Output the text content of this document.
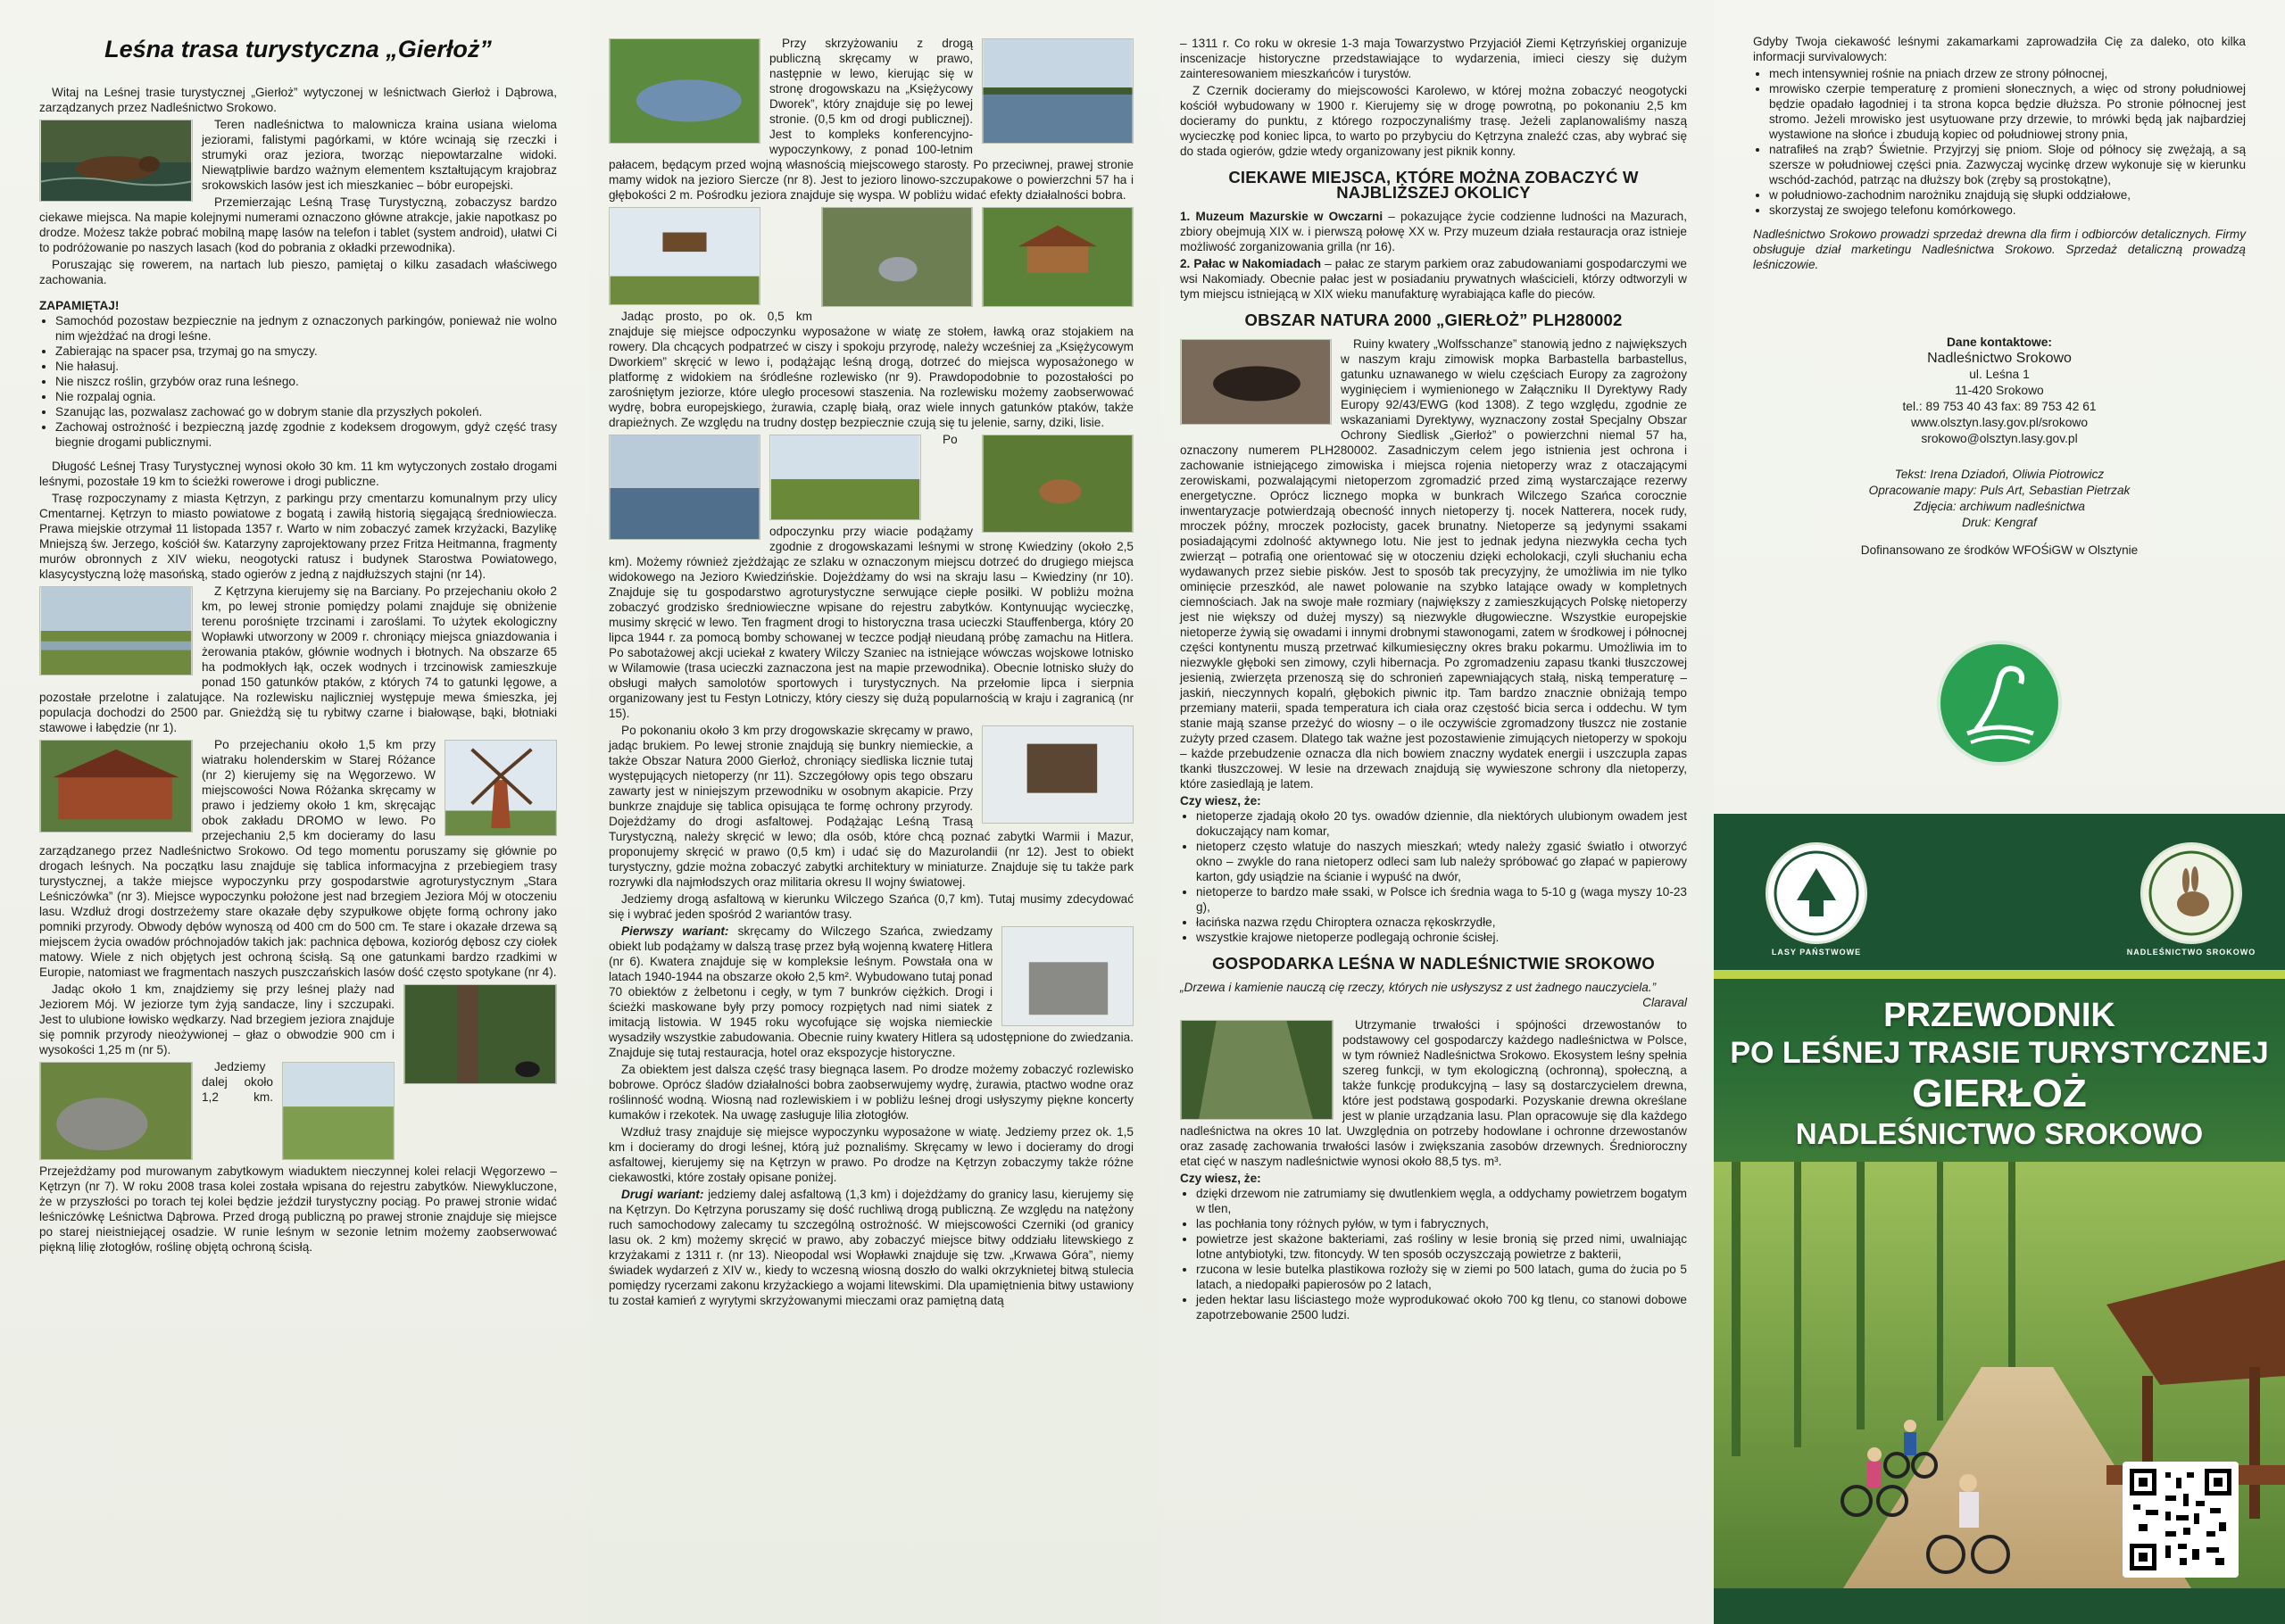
Leśna trasa turystyczna „Gierłoż”

Witaj na Leśnej trasie turystycznej „Gierłoż” wytyczonej w leśnictwach Gierłoż i Dąbrowa, zarządzanych przez Nadleśnictwo Srokowo.

Teren nadleśnictwa to malownicza kraina usiana wieloma jeziorami, falistymi pagórkami, w które wcinają się rzeczki i strumyki oraz jeziora, tworząc niepowtarzalne widoki. Niewątpliwie bardzo ważnym elementem kształtującym krajobraz srokowskich lasów jest ich mieszkaniec – bóbr europejski.

Przemierzając Leśną Trasę Turystyczną, zobaczysz bardzo ciekawe miejsca. Na mapie kolejnymi numerami oznaczono główne atrakcje, jakie napotkasz po drodze. Możesz także pobrać mobilną mapę lasów na telefon i tablet (system android), ułatwi Ci to podróżowanie po naszych lasach (kod do pobrania z okładki przewodnika).

Poruszając się rowerem, na nartach lub pieszo, pamiętaj o kilku zasadach właściwego zachowania.

ZAPAMIĘTAJ!
• Samochód pozostaw bezpiecznie na jednym z oznaczonych parkingów, ponieważ nie wolno nim wjeżdżać na drogi leśne.
• Zabierając na spacer psa, trzymaj go na smyczy.
• Nie hałasuj.
• Nie niszcz roślin, grzybów oraz runa leśnego.
• Nie rozpalaj ognia.
• Szanując las, pozwalasz zachować go w dobrym stanie dla przyszłych pokoleń.
• Zachowaj ostrożność i bezpieczną jazdę zgodnie z kodeksem drogowym, gdyż część trasy biegnie drogami publicznymi.

Długość Leśnej Trasy Turystycznej wynosi około 30 km. 11 km wytyczonych zostało drogami leśnymi, pozostałe 19 km to ścieżki rowerowe i drogi publiczne.

Trasę rozpoczynamy z miasta Kętrzyn, z parkingu przy cmentarzu komunalnym przy ulicy Cmentarnej. Kętrzyn to miasto powiatowe z bogatą i zawiłą historią sięgającą średniowiecza. Prawa miejskie otrzymał 11 listopada 1357 r. Warto w nim zobaczyć zamek krzyżacki, Bazylikę Mniejszą św. Jerzego, kościół św. Katarzyny zaprojektowany przez Fritza Heitmanna, fragmenty murów obronnych z XIV wieku, neogotycki ratusz i budynek Starostwa Powiatowego, klasycystyczną lożę masońską, stado ogierów z jedną z najdłuższych stajni (nr 14).

Z Kętrzyna kierujemy się na Barciany. Po przejechaniu około 2 km, po lewej stronie pomiędzy polami znajduje się obniżenie terenu porośnięte trzcinami i zaroślami. To użytek ekologiczny Wopławki utworzony w 2009 r. chroniący miejsca gniazdowania i żerowania ptaków, głównie wodnych i błotnych. Na obszarze 65 ha podmokłych łąk, oczek wodnych i trzcinowisk zamieszkuje ponad 150 gatunków ptaków, z których 74 to gatunki lęgowe, a pozostałe przelotne i zalatujące. Na rozlewisku najliczniej występuje mewa śmieszka, jej populacja dochodzi do 2500 par. Gnieżdżą się tu rybitwy czarne i białowąse, bąki, błotniaki stawowe i łabędzie (nr 1).

Po przejechaniu około 1,5 km przy wiatraku holenderskim w Starej Różance (nr 2) kierujemy się na Węgorzewo. W miejscowości Nowa Różanka skręcamy w prawo i jedziemy około 1 km, skręcając obok zakładu DROMO w lewo. Po przejechaniu 2,5 km docieramy do lasu zarządzanego przez Nadleśnictwo Srokowo. Od tego momentu poruszamy się głównie po drogach leśnych. Na początku lasu znajduje się tablica informacyjna z przebiegiem trasy turystycznej, a także miejsce wypoczynku przy gospodarstwie agroturystycznym „Stara Leśniczówka” (nr 3). Miejsce wypoczynku położone jest nad brzegiem Jeziora Mój w otoczeniu lasu. Wzdłuż drogi dostrzeżemy stare okazałe dęby szypułkowe objęte formą ochrony jako pomniki przyrody. Obwody dębów wynoszą od 400 cm do 500 cm. Te stare i okazałe drzewa są miejscem życia owadów próchnojadów takich jak: pachnica dębowa, kozioróg dębosz czy ciołek matowy. Wiele z nich objętych jest ochroną ścisłą. Są one gatunkami bardzo rzadkimi w Europie, natomiast we fragmentach naszych puszczańskich lasów dość często spotykane (nr 4).

Jadąc około 1 km, znajdziemy się przy leśnej plaży nad Jeziorem Mój. W jeziorze tym żyją sandacze, liny i szczupaki. Jest to ulubione łowisko wędkarzy. Nad brzegiem jeziora znajduje się pomnik przyrody nieożywionej – głaz o obwodzie 900 cm i wysokości 1,25 m (nr 5).

Jedziemy dalej około 1,2 km. Przejeżdżamy pod murowanym zabytkowym wiaduktem nieczynnej kolei relacji Węgorzewo – Kętrzyn (nr 7). W roku 2008 trasa kolei została wpisana do rejestru zabytków. Niewykluczone, że w przyszłości po torach tej kolei będzie jeździł turystyczny pociąg. Po prawej stronie widać leśniczówkę Leśnictwa Dąbrowa. Przed drogą publiczną po prawej stronie znajduje się miejsce po starej nieistniejącej osadzie. W runie leśnym w sezonie letnim możemy zaobserwować piękną lilię złotogłów, roślinę objętą ochroną ścisłą.

Przy skrzyżowaniu z drogą publiczną skręcamy w prawo, następnie w lewo, kierując się w stronę drogowskazu na „Księżycowy Dworek”, który znajduje się po lewej stronie. (0,5 km od drogi publicznej). Jest to kompleks konferencyjno-wypoczynkowy, z ponad 100-letnim pałacem, będącym przed wojną własnością miejscowego starosty. Po przeciwnej, prawej stronie mamy widok na jezioro Siercze (nr 8). Jest to jezioro linowo-szczupakowe o powierzchni 57 ha i głębokości 2 m. Pośrodku jeziora znajduje się wyspa. W pobliżu widać efekty działalności bobra.

Jadąc prosto, po ok. 0,5 km znajduje się miejsce odpoczynku wyposażone w wiatę ze stołem, ławką oraz stojakiem na rowery. Dla chcących podpatrzeć w ciszy i spokoju przyrodę, należy wcześniej za „Księżycowym Dworkiem” skręcić w lewo i, podążając leśną drogą, dotrzeć do miejsca wyposażonego w platformę z widokiem na śródleśne rozlewisko (nr 9). Prawdopodobnie to pozostałości po zarośniętym jeziorze, które uległo procesowi staszenia. Na rozlewisku możemy zaobserwować wydrę, bobra europejskiego, żurawia, czaplę białą, oraz wiele innych gatunków ptaków, także drapieżnych. Ze względu na trudny dostęp bezpiecznie czują się tu jelenie, sarny, dziki, lisie.

Po odpoczynku przy wiacie podążamy zgodnie z drogowskazami leśnymi w stronę Kwiedziny (około 2,5 km). Możemy również zjeżdżając ze szlaku w oznaczonym miejscu dotrzeć do drugiego miejsca widokowego na Jezioro Kwiedzińskie. Dojeżdżamy do wsi na skraju lasu – Kwiedziny (nr 10). Znajduje się tu gospodarstwo agroturystyczne serwujące ciepłe posiłki. W pobliżu można zobaczyć grodzisko średniowieczne wpisane do rejestru zabytków. Kontynuując wycieczkę, musimy skręcić w lewo. Ten fragment drogi to historyczna trasa ucieczki Stauffenberga, który 20 lipca 1944 r. za pomocą bomby schowanej w teczce podjął nieudaną próbę zamachu na Hitlera. Po sabotażowej akcji uciekał z kwatery Wilczy Szaniec na istniejące wówczas wojskowe lotnisko w Wilamowie (trasa ucieczki zaznaczona jest na mapie przewodnika). Obecnie lotnisko służy do obsługi małych samolotów sportowych i turystycznych. Na przełomie lipca i sierpnia organizowany jest tu Festyn Lotniczy, który cieszy się dużą popularnością w kraju i zagranicą (nr 15).

Po pokonaniu około 3 km przy drogowskazie skręcamy w prawo, jadąc brukiem. Po lewej stronie znajdują się bunkry niemieckie, a także Obszar Natura 2000 Gierłoż, chroniący siedliska licznie tutaj występujących nietoperzy (nr 11). Szczegółowy opis tego obszaru zawarty jest w niniejszym przewodniku w osobnym akapicie. Przy bunkrze znajduje się tablica opisująca te formę ochrony przyrody. Dojeżdżamy do drogi asfaltowej. Podążając Leśną Trasą Turystyczną, należy skręcić w lewo; dla osób, które chcą poznać zabytki Warmii i Mazur, proponujemy skręcić w prawo (0,5 km) i udać się do Mazurolandii (nr 12). Jest to obiekt turystyczny, gdzie można zobaczyć zabytki architektury w miniaturze. Znajduje się tu także park rozrywki dla najmłodszych oraz militaria okresu II wojny światowej.

Jedziemy drogą asfaltową w kierunku Wilczego Szańca (0,7 km). Tutaj musimy zdecydować się i wybrać jeden spośród 2 wariantów trasy.

Pierwszy wariant: skręcamy do Wilczego Szańca, zwiedzamy obiekt lub podążamy w dalszą trasę przez byłą wojenną kwaterę Hitlera (nr 6). Kwatera znajduje się w kompleksie leśnym. Powstała ona w latach 1940-1944 na obszarze około 2,5 km². Wybudowano tutaj ponad 70 obiektów z żelbetonu i cegły, w tym 7 bunkrów ciężkich. Drogi i ścieżki maskowane były przy pomocy rozpiętych nad nimi siatek z imitacją listowia. W 1945 roku wycofujące się wojska niemieckie wysadziły wszystkie zabudowania. Obecnie ruiny kwatery Hitlera są udostępnione do zwiedzania. Znajduje się tutaj restauracja, hotel oraz ekspozycje historyczne.

Za obiektem jest dalsza część trasy biegnąca lasem. Po drodze możemy zobaczyć rozlewisko bobrowe. Oprócz śladów działalności bobra zaobserwujemy wydrę, żurawia, ptactwo wodne oraz roślinność wodną. Wiosną nad rozlewiskiem i w pobliżu leśnej drogi usłyszymy piękne koncerty kumaków i rzekotek. Na uwagę zasługuje lilia złotogłów.

Wzdłuż trasy znajduje się miejsce wypoczynku wyposażone w wiatę. Jedziemy przez ok. 1,5 km i docieramy do drogi leśnej, którą już poznaliśmy. Skręcamy w lewo i docieramy do drogi asfaltowej, kierujemy się na Kętrzyn w prawo. Po drodze na Kętrzyn zobaczymy także różne ciekawostki, które zostały opisane poniżej.

Drugi wariant: jedziemy dalej asfaltową (1,3 km) i dojeżdżamy do granicy lasu, kierujemy się na Kętrzyn. Do Kętrzyna poruszamy się dość ruchliwą drogą publiczną. Ze względu na natężony ruch samochodowy zalecamy tu szczególną ostrożność. W miejscowości Czerniki (od granicy lasu ok. 2 km) możemy skręcić w prawo, aby zobaczyć miejsce bitwy oddziału litewskiego z krzyżakami z 1311 r. (nr 13). Nieopodal wsi Wopławki znajduje się tzw. „Krwawa Góra”, niemy świadek wydarzeń z XIV w., kiedy to wczesną wiosną doszło do walki okrzyknietej bitwą stulecia pomiędzy rycerzami zakonu krzyżackiego a wojami litewskimi. Dla upamiętnienia bitwy ustawiony tu został kamień z wyrytymi skrzyżowanymi mieczami oraz pamiętną datą

– 1311 r. Co roku w okresie 1-3 maja Towarzystwo Przyjaciół Ziemi Kętrzyńskiej organizuje inscenizacje historyczne przedstawiające to wydarzenia, imieci cieszy się dużym zainteresowaniem mieszkańców i turystów.

Z Czernik docieramy do miejscowości Karolewo, w której można zobaczyć neogotycki kościół wybudowany w 1900 r. Kierujemy się w drogę powrotną, po pokonaniu 2,5 km docieramy do punktu, z którego rozpoczynaliśmy trasę. Jeżeli zaplanowaliśmy naszą wycieczkę pod koniec lipca, to warto po przybyciu do Kętrzyna znaleźć czas, aby wybrać się do stada ogierów, gdzie wtedy organizowany jest piknik konny.

CIEKAWE MIEJSCA, KTÓRE MOŻNA ZOBACZYĆ W NAJBLIŻSZEJ OKOLICY

1. Muzeum Mazurskie w Owczarni – pokazujące życie codzienne ludności na Mazurach, zbiory obejmują XIX w. i pierwszą połowę XX w. Przy muzeum działa restauracja oraz istnieje możliwość zorganizowania grilla (nr 16).

2. Pałac w Nakomiadach – pałac ze starym parkiem oraz zabudowaniami gospodarczymi we wsi Nakomiady. Obecnie pałac jest w posiadaniu prywatnych właścicieli, którzy odtworzyli w tym miejscu istniejącą w XIX wieku manufakturę wyrabiająca kafle do pieców.

OBSZAR NATURA 2000 „GIERŁOŻ” PLH280002

Ruiny kwatery „Wolfsschanze” stanowią jedno z największych w naszym kraju zimowisk mopka Barbastella barbastellus, gatunku uznawanego w wielu częściach Europy za zagrożony wyginięciem i wymienionego w Załączniku II Dyrektywy Rady Europy 92/43/EWG (kod 1308). Z tego względu, zgodnie ze wskazaniami Dyrektywy, wyznaczony został Specjalny Obszar Ochrony Siedlisk „Gierłoż” o powierzchni niemal 57 ha, oznaczony numerem PLH280002. Zasadniczym celem jego istnienia jest ochrona i zachowanie istniejącego zimowiska i miejsca rojenia nietoperzy wraz z otaczającymi zerowiskami, pozwalającymi nietoperzom zgromadzić przed zimą wystarczające rezerwy energetyczne. Oprócz licznego mopka w bunkrach Wilczego Szańca corocznie inwentaryzacje potwierdzają obecność innych nietoperzy tj. nocek Natterera, nocek rudy, mroczek późny, mroczek pozłocisty, gacek brunatny. Nietoperze są jedynymi ssakami posiadającymi zdolność aktywnego lotu. Nie jest to jednak jedyna niezwykła cecha tych zwierząt – potrafią one orientować się w otoczeniu dzięki echolokacji, czyli słuchaniu echa wydawanych przez siebie pisków. Jest to sposób tak precyzyjny, że umożliwia im nie tylko ominięcie przeszkód, ale nawet polowanie na szybko latające owady w kompletnych ciemnościach. Jak na swoje małe rozmiary (największy z zamieszkujących Polskę nietoperzy jest nie większy od dużej myszy) są niezwykle długowieczne. Wszystkie europejskie nietoperze żywią się owadami i innymi drobnymi stawonogami, zatem w środkowej i północnej części kontynentu muszą przetrwać kilkumiesięczny okres braku pokarmu. Umożliwia im to niezwykle głęboki sen zimowy, czyli hibernacja. Po zgromadzeniu zapasu tkanki tłuszczowej jesienią, zwierzęta przenoszą się do schronień zapewniających stałą, niską temperaturę – jaskiń, nieczynnych kopalń, głębokich piwnic itp. Tam bardzo znacznie obniżają tempo przemiany materii, spada temperatura ich ciała oraz częstość bicia serca i oddechu. W tym stanie mają szanse przeżyć do wiosny – o ile oczywiście zgromadzony tłuszcz nie zostanie zużyty przed czasem. Dlatego tak ważne jest pozostawienie zimujących nietoperzy w spokoju – każde przebudzenie oznacza dla nich bowiem znaczny wydatek energii i uszczupla zapas tkanki tłuszczowej. W lesie na drzewach znajdują się wywieszone schrony dla nietoperzy, które zasiedlają je latem.

Czy wiesz, że:
• nietoperze zjadają około 20 tys. owadów dziennie, dla niektórych ulubionym owadem jest dokuczający nam komar,
• nietoperz często wlatuje do naszych mieszkań; wtedy należy zgasić światło i otworzyć okno – zwykle do rana nietoperz odleci sam lub należy spróbować go złapać w papierowy karton, gdy usiądzie na ścianie i wypuść na dwór,
• nietoperze to bardzo małe ssaki, w Polsce ich średnia waga to 5-10 g (waga myszy 10-23 g),
• łacińska nazwa rzędu Chiroptera oznacza rękoskrzydłe,
• wszystkie krajowe nietoperze podlegają ochronie ścisłej.
GOSPODARKA LEŚNA W NADLEŚNICTWIE SROKOWO
„Drzewa i kamienie nauczą cię rzeczy, których nie usłyszysz z ust żadnego nauczyciela.”
Claraval

Utrzymanie trwałości i spójności drzewostanów to podstawowy cel gospodarczy każdego nadleśnictwa w Polsce, w tym również Nadleśnictwa Srokowo. Ekosystem leśny spełnia szereg funkcji, w tym ekologiczną (ochronną), społeczną, a także funkcję produkcyjną – lasy są dostarczycielem drewna, które jest podstawą gospodarki. Pozyskanie drewna określane jest w planie urządzania lasu. Plan opracowuje się dla każdego nadleśnictwa na okres 10 lat. Uwzględnia on potrzeby hodowlane i ochronne drzewostanów oraz zasadę zachowania trwałości lasów i zwiększania zasobów drzewnych. Średnioroczny etat cięć w naszym nadleśnictwie wynosi około 88,5 tys. m³.

Czy wiesz, że:
• dzięki drzewom nie zatrumiamy się dwutlenkiem węgla, a oddychamy powietrzem bogatym w tlen,
• las pochłania tony różnych pyłów, w tym i fabrycznych,
• powietrze jest skażone bakteriami, zaś rośliny w lesie bronią się przed nimi, uwalniając lotne antybiotyki, tzw. fitoncydy. W ten sposób oczyszczają powietrze z bakterii,
• rzucona w lesie butelka plastikowa rozłoży się w ziemi po 500 latach, guma do żucia po 5 latach, a niedopałki papierosów po 2 latach,
• jeden hektar lasu liściastego może wyprodukować około 700 kg tlenu, co stanowi dobowe zapotrzebowanie 2500 ludzi.

Gdyby Twoja ciekawość leśnymi zakamarkami zaprowadziła Cię za daleko, oto kilka informacji survivalowych:

• mech intensywniej rośnie na pniach drzew ze strony północnej,
• mrowisko czerpie temperaturę z promieni słonecznych, a więc od strony południowej będzie opadało łagodniej i ta strona kopca będzie dłuższa. Po stronie północnej jest stromo. Jeżeli mrowisko jest usytuowane przy drzewie, to mrówki będą jak najbardziej wystawione na słońce i zbudują kopiec od południowej strony pnia,
• natrafiłeś na zrąb? Świetnie. Przyjrzyj się pniom. Słoje od północy się zwężają, a są szersze w południowej części pnia. Zazwyczaj wycinkę drzew wykonuje się w kierunku wschód-zachód, patrząc na dłuższy bok (zręby są prostokątne),
• w południowo-zachodnim narożniku znajdują się słupki oddziałowe,
• skorzystaj ze swojego telefonu komórkowego.

Nadleśnictwo Srokowo prowadzi sprzedaż drewna dla firm i odbiorców detalicznych. Firmy obsługuje dział marketingu Nadleśnictwa Srokowo. Sprzedaż detaliczną prowadzą leśniczowie.

Dane kontaktowe:
Nadleśnictwo Srokowo
ul. Leśna 1
11-420 Srokowo
tel.: 89 753 40 43 fax: 89 753 42 61
www.olsztyn.lasy.gov.pl/srokowo
srokowo@olsztyn.lasy.gov.pl
Tekst: Irena Dziadoń, Oliwia Piotrowicz
Opracowanie mapy: Puls Art, Sebastian Pietrzak
Zdjęcia: archiwum nadleśnictwa
Druk: Kengraf
Dofinansowano ze środków WFOŚiGW w Olsztynie
LASY PAŃSTWOWE	NADLEŚNICTWO SROKOWO
PRZEWODNIK
PO LEŚNEJ TRASIE TURYSTYCZNEJ
GIERŁOŻ
NADLEŚNICTWO SROKOWO
